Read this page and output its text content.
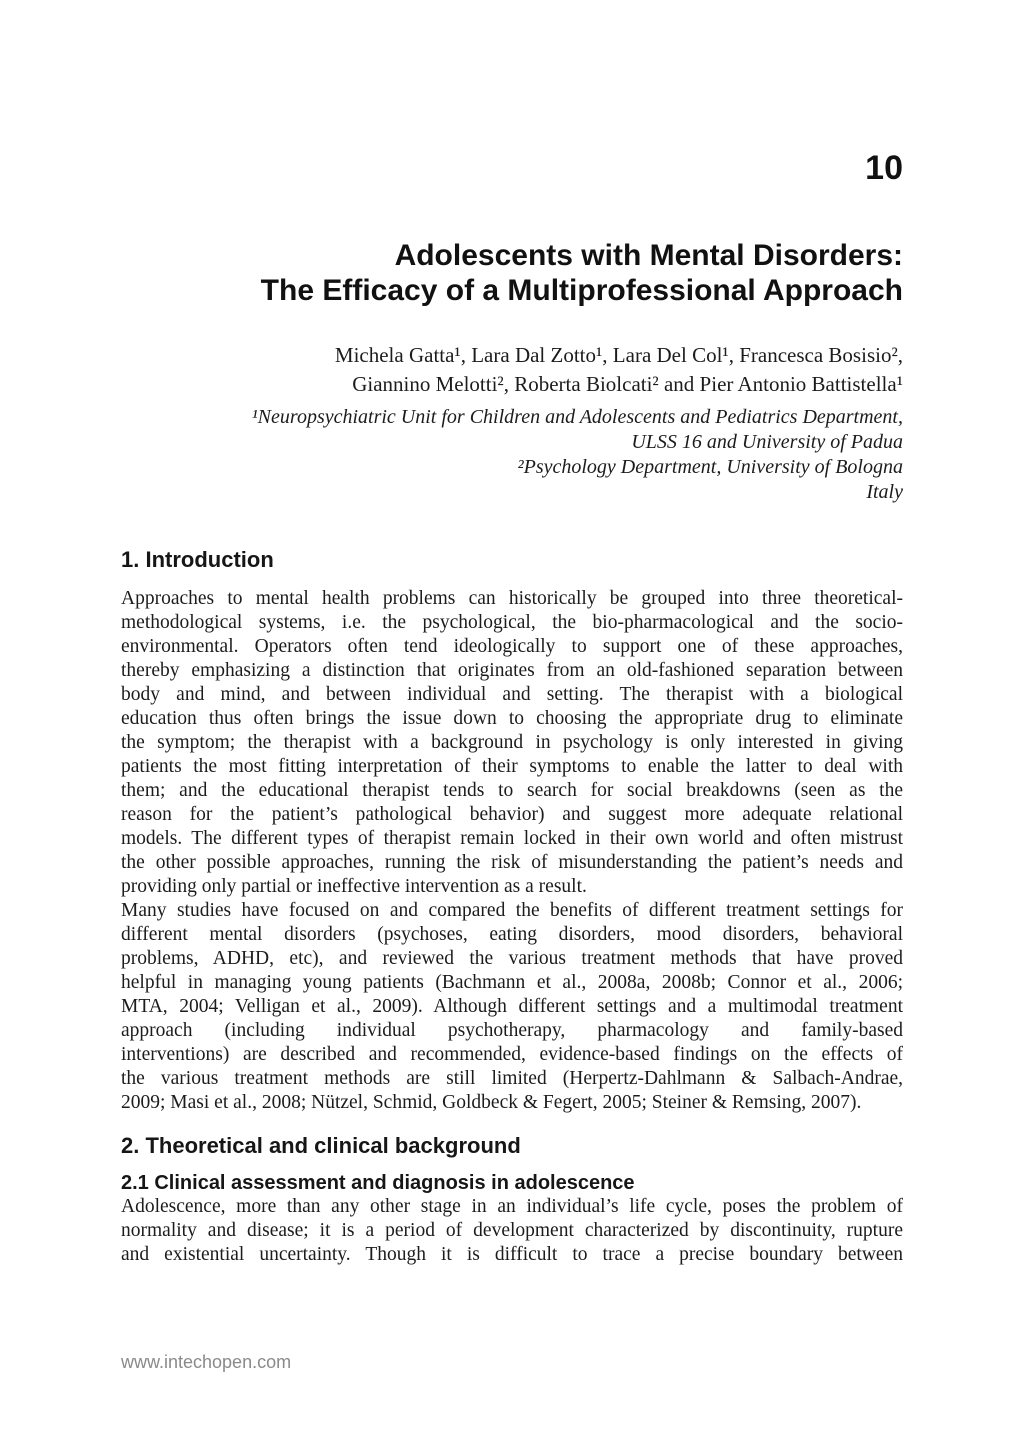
10
Adolescents with Mental Disorders:
The Efficacy of a Multiprofessional Approach
Michela Gatta¹, Lara Dal Zotto¹, Lara Del Col¹, Francesca Bosisio²,
Giannino Melotti², Roberta Biolcati² and Pier Antonio Battistella¹
¹Neuropsychiatric Unit for Children and Adolescents and Pediatrics Department,
ULSS 16 and University of Padua
²Psychology Department, University of Bologna
Italy
1. Introduction
Approaches to mental health problems can historically be grouped into three theoretical-
methodological systems, i.e. the psychological, the bio-pharmacological and the socio-
environmental. Operators often tend ideologically to support one of these approaches,
thereby emphasizing a distinction that originates from an old-fashioned separation between
body and mind, and between individual and setting. The therapist with a biological
education thus often brings the issue down to choosing the appropriate drug to eliminate
the symptom; the therapist with a background in psychology is only interested in giving
patients the most fitting interpretation of their symptoms to enable the latter to deal with
them; and the educational therapist tends to search for social breakdowns (seen as the
reason for the patient’s pathological behavior) and suggest more adequate relational
models. The different types of therapist remain locked in their own world and often mistrust
the other possible approaches, running the risk of misunderstanding the patient’s needs and
providing only partial or ineffective intervention as a result.
Many studies have focused on and compared the benefits of different treatment settings for
different mental disorders (psychoses, eating disorders, mood disorders, behavioral
problems, ADHD, etc), and reviewed the various treatment methods that have proved
helpful in managing young patients (Bachmann et al., 2008a, 2008b; Connor et al., 2006;
MTA, 2004; Velligan et al., 2009). Although different settings and a multimodal treatment
approach (including individual psychotherapy, pharmacology and family-based
interventions) are described and recommended, evidence-based findings on the effects of
the various treatment methods are still limited (Herpertz-Dahlmann & Salbach-Andrae,
2009; Masi et al., 2008; Nützel, Schmid, Goldbeck & Fegert, 2005; Steiner & Remsing, 2007).
2. Theoretical and clinical background
2.1 Clinical assessment and diagnosis in adolescence
Adolescence, more than any other stage in an individual’s life cycle, poses the problem of
normality and disease; it is a period of development characterized by discontinuity, rupture
and existential uncertainty. Though it is difficult to trace a precise boundary between
www.intechopen.com
